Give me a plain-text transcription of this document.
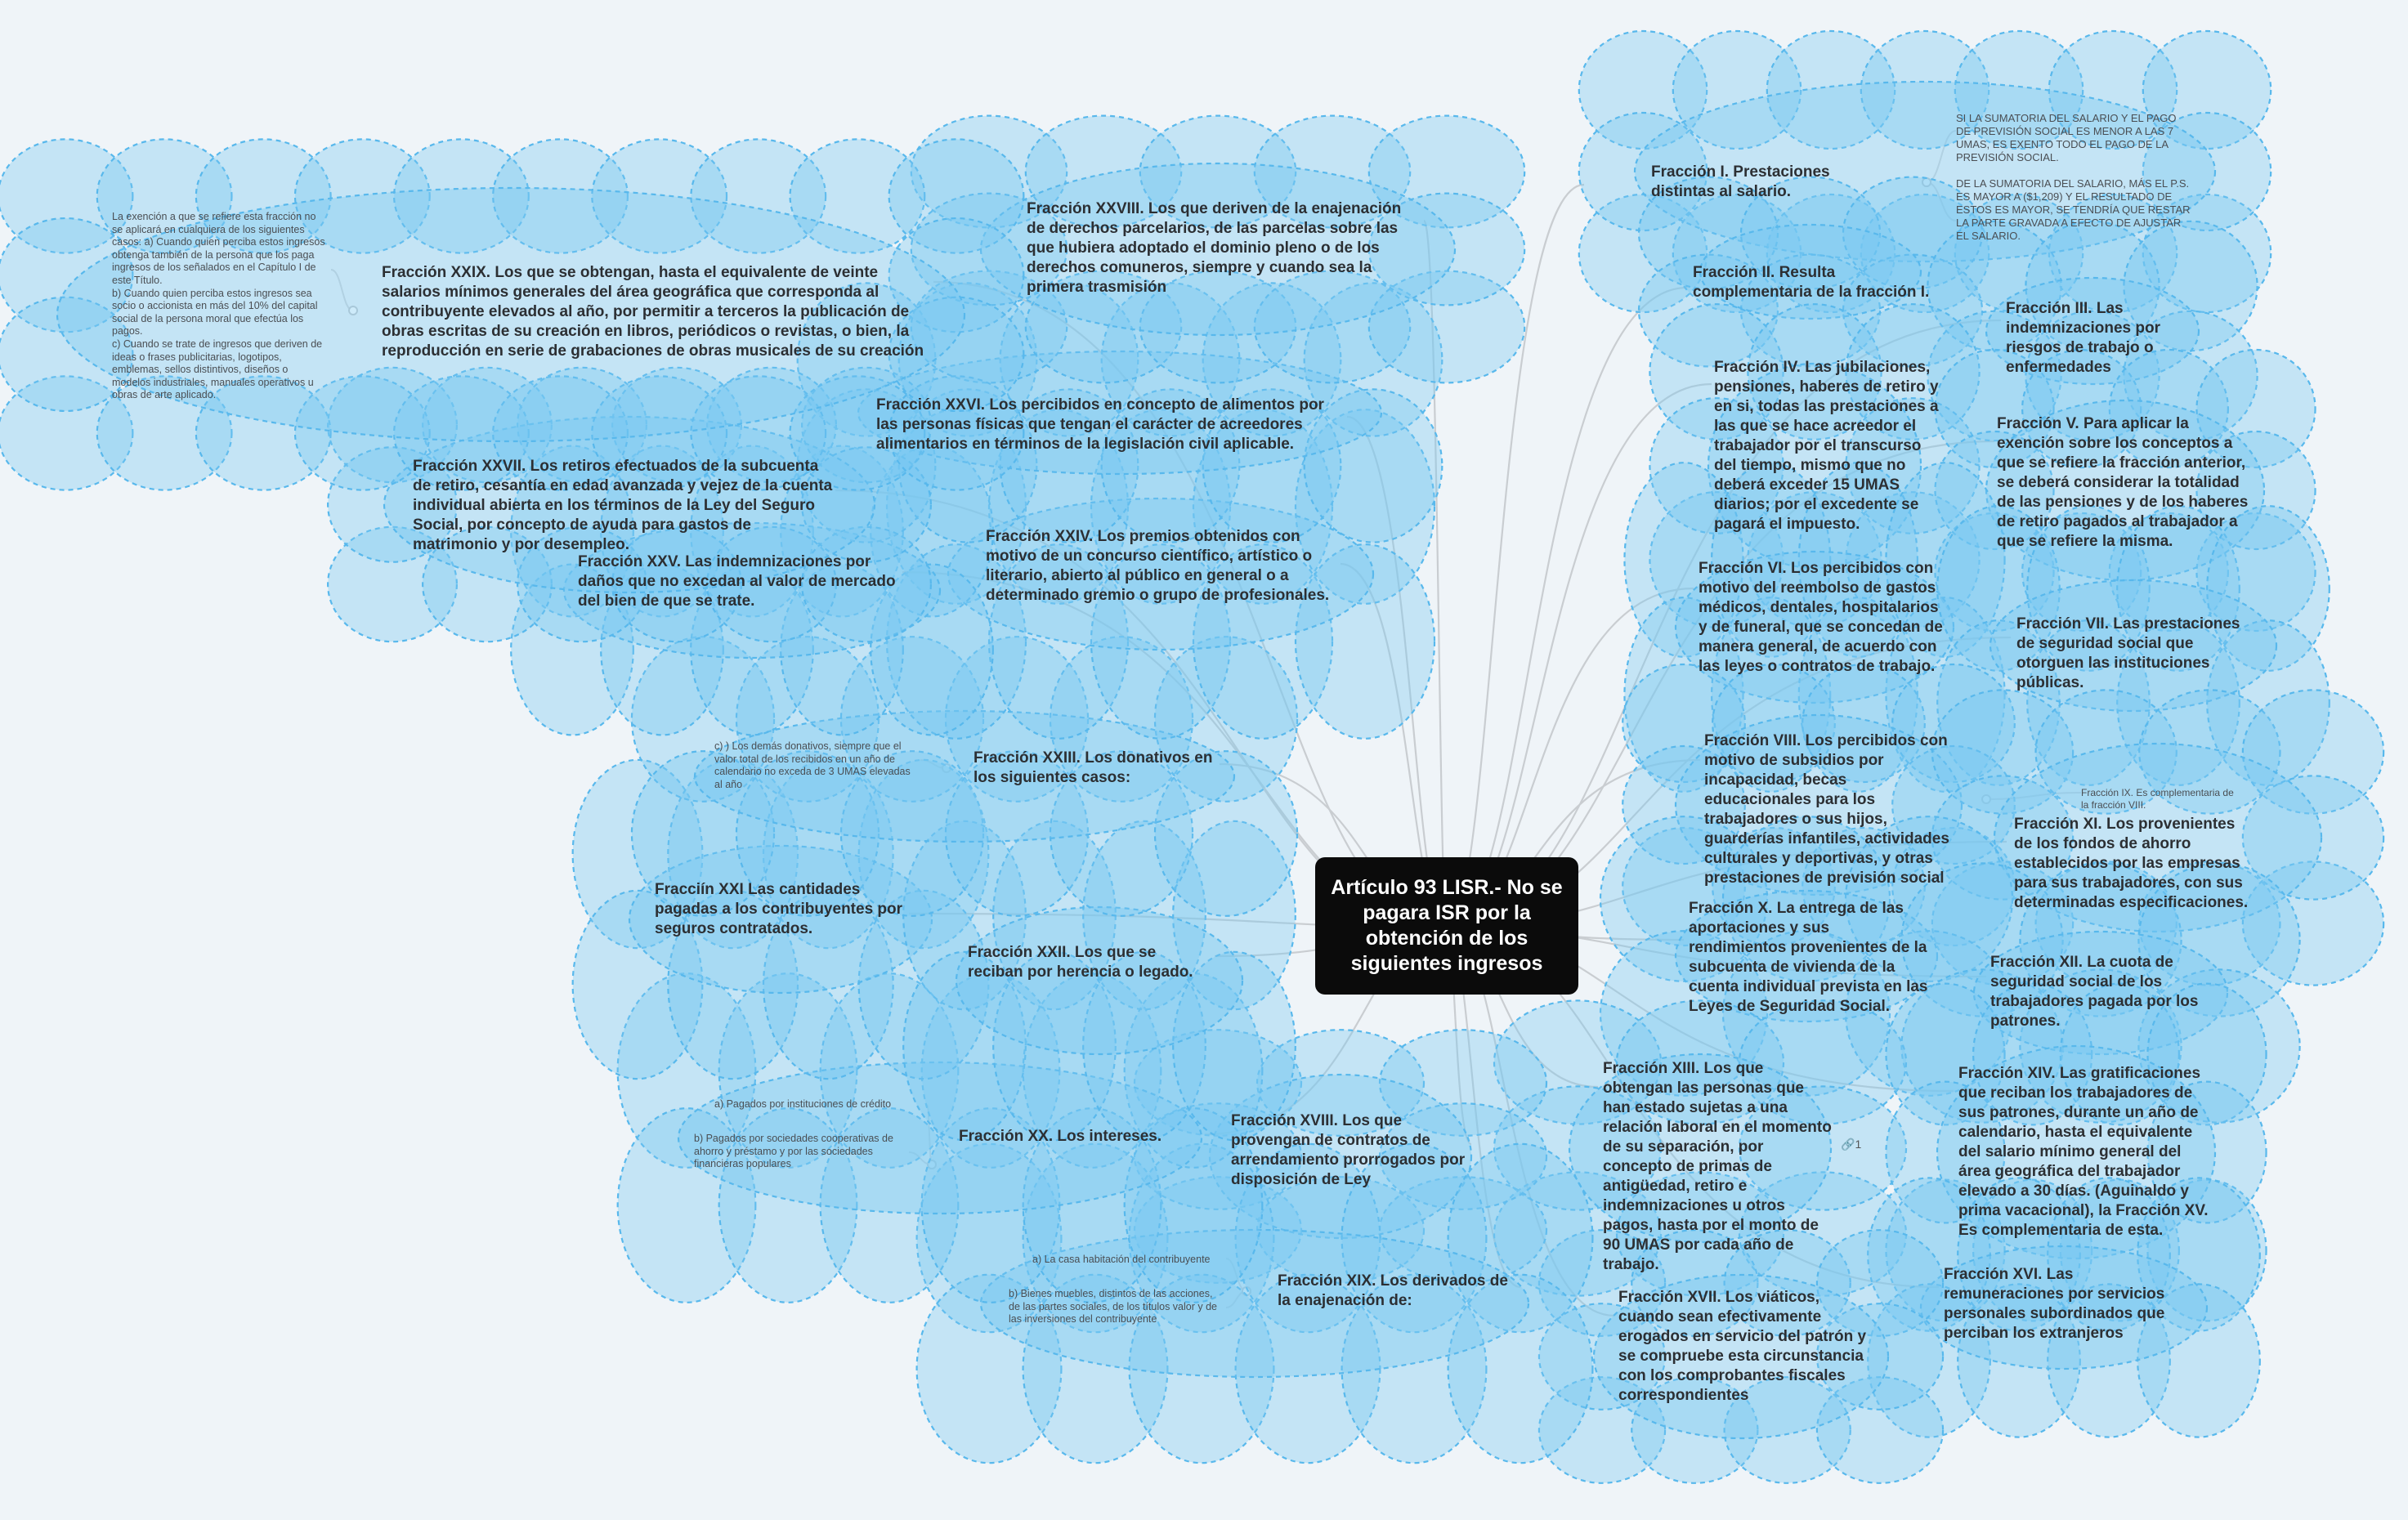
Artículo 93 LISR.- No se pagara ISR por la obtención de los siguientes ingresos
Fracción I. Prestaciones distintas al salario.
Fracción II. Resulta complementaria de la fracción I.
Fracción III. Las indemnizaciones por riesgos de trabajo o enfermedades
Fracción IV. Las jubilaciones, pensiones, haberes de retiro y en si, todas las prestaciones a las que se hace acreedor el trabajador por el transcurso del tiempo, mismo que no deberá exceder 15 UMAS diarios; por el excedente se pagará el impuesto.
Fracción V. Para aplicar la exención sobre los conceptos a que se refiere la fracción anterior, se deberá considerar la totalidad de las pensiones y de los haberes de retiro pagados al trabajador a que se refiere la misma.
Fracción VI. Los percibidos con motivo del reembolso de gastos médicos, dentales, hospitalarios y de funeral, que se concedan de manera general, de acuerdo con las leyes o contratos de trabajo.
Fracción VII. Las prestaciones de seguridad social que otorguen las instituciones públicas.
Fracción VIII. Los percibidos con motivo de subsidios por incapacidad, becas educacionales para los trabajadores o sus hijos, guarderías infantiles, actividades culturales y deportivas, y otras prestaciones de previsión social
Fracción X. La entrega de las aportaciones y sus rendimientos provenientes de la subcuenta de vivienda de la cuenta individual prevista en las Leyes de Seguridad Social.
Fracción XI. Los provenientes de los fondos de ahorro establecidos por las empresas para sus trabajadores, con sus determinadas especificaciones.
Fracción XII. La cuota de seguridad social de los trabajadores pagada por los patrones.
Fracción XIII. Los que obtengan las personas que han estado sujetas a una relación laboral en el momento de su separación, por concepto de primas de antigüedad, retiro e indemnizaciones u otros pagos, hasta por el monto de 90 UMAS por cada año de trabajo.
Fracción XIV. Las gratificaciones que reciban los trabajadores de sus patrones, durante un año de calendario, hasta el equivalente del salario mínimo general del área geográfica del trabajador elevado a 30 días. (Aguinaldo y prima vacacional), la Fracción XV. Es complementaria de esta.
Fracción XVI. Las remuneraciones por servicios personales subordinados que perciban los extranjeros
Fracción XVII. Los viáticos, cuando sean efectivamente erogados en servicio del patrón y se compruebe esta circunstancia con los comprobantes fiscales correspondientes
Fracción XVIII. Los que provengan de contratos de arrendamiento prorrogados por disposición de Ley
Fracción XIX. Los derivados de la enajenación de:
Fracción XX. Los intereses.
Fracciín XXI Las cantidades pagadas a los contribuyentes por seguros contratados.
Fracción XXII. Los que se reciban por herencia o legado.
Fracción XXIII. Los donativos en los siguientes casos:
Fracción XXIV. Los premios obtenidos con motivo de un concurso científico, artístico o literario, abierto al público en general o a determinado gremio o grupo de profesionales.
Fracción XXV. Las indemnizaciones por daños que no excedan al valor de mercado del bien de que se trate.
Fracción XXVI. Los percibidos en concepto de alimentos por las personas físicas que tengan el carácter de acreedores alimentarios en términos de la legislación civil aplicable.
Fracción XXVII. Los retiros efectuados de la subcuenta de retiro, cesantía en edad avanzada y vejez de la cuenta individual abierta en los términos de la Ley del Seguro Social, por concepto de ayuda para gastos de matrimonio y por desempleo.
Fracción XXVIII. Los que deriven de la enajenación de derechos parcelarios, de las parcelas sobre las que hubiera adoptado el dominio pleno o de los derechos comuneros, siempre y cuando sea la primera trasmisión
Fracción XXIX. Los que se obtengan, hasta el equivalente de veinte salarios mínimos generales del área geográfica que corresponda al contribuyente elevados al año, por permitir a terceros la publicación de obras escritas de su creación en libros, periódicos o revistas, o bien, la reproducción en serie de grabaciones de obras musicales de su creación
SI LA SUMATORIA DEL SALARIO Y EL PAGO DE PREVISIÓN SOCIAL ES MENOR A LAS 7 UMAS, ES EXENTO TODO EL PAGO DE LA PREVISIÓN SOCIAL.

DE LA SUMATORIA DEL SALARIO, MÁS EL P.S. ES MAYOR A ($1,209) Y EL RESULTADO DE ESTOS ES MAYOR, SE TENDRÍA QUE RESTAR LA PARTE GRAVADA A EFECTO DE AJUSTAR EL SALARIO.
Fracción IX. Es complementaria de la fracción VIII.
🔗1
a) La casa habitación del contribuyente
b) Bienes muebles, distintos de las acciones, de las partes sociales, de los títulos valor y de las inversiones del contribuyente
a) Pagados por instituciones de crédito
b) Pagados por sociedades cooperativas de ahorro y préstamo y por las sociedades financieras populares
c) ) Los demás donativos, siempre que el valor total de los recibidos en un año de calendario no exceda de 3 UMAS elevadas al año
La exención a que se refiere esta fracción no se aplicará en cualquiera de los siguientes casos: a) Cuando quien perciba estos ingresos obtenga también de la persona que los paga ingresos de los señalados en el Capítulo I de este Título.
b) Cuando quien perciba estos ingresos sea socio o accionista en más del 10% del capital social de la persona moral que efectúa los pagos.
c) Cuando se trate de ingresos que deriven de ideas o frases publicitarias, logotipos, emblemas, sellos distintivos, diseños o modelos industriales, manuales operativos u obras de arte aplicado.
